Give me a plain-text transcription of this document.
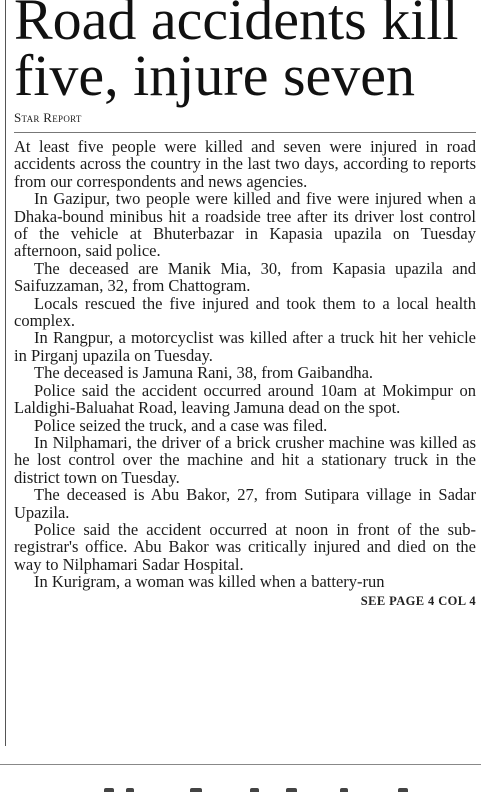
Road accidents kill
five, injure seven
Star Report

At least five people were killed and seven were injured in road accidents across the country in the last two days, according to reports from our correspondents and news agencies.

In Gazipur, two people were killed and five were injured when a Dhaka-bound minibus hit a roadside tree after its driver lost control of the vehicle at Bhuterbazar in Kapasia upazila on Tuesday afternoon, said police.

The deceased are Manik Mia, 30, from Kapasia upazila and Saifuzzaman, 32, from Chattogram.

Locals rescued the five injured and took them to a local health complex.

In Rangpur, a motorcyclist was killed after a truck hit her vehicle in Pirganj upazila on Tuesday.

The deceased is Jamuna Rani, 38, from Gaibandha.

Police said the accident occurred around 10am at Mokimpur on Laldighi-Baluahat Road, leaving Jamuna dead on the spot.

Police seized the truck, and a case was filed.

In Nilphamari, the driver of a brick crusher machine was killed as he lost control over the machine and hit a stationary truck in the district town on Tuesday.

The deceased is Abu Bakor, 27, from Sutipara village in Sadar Upazila.

Police said the accident occurred at noon in front of the sub-registrar's office. Abu Bakor was critically injured and died on the way to Nilphamari Sadar Hospital.

In Kurigram, a woman was killed when a battery-run

SEE PAGE 4 COL 4
